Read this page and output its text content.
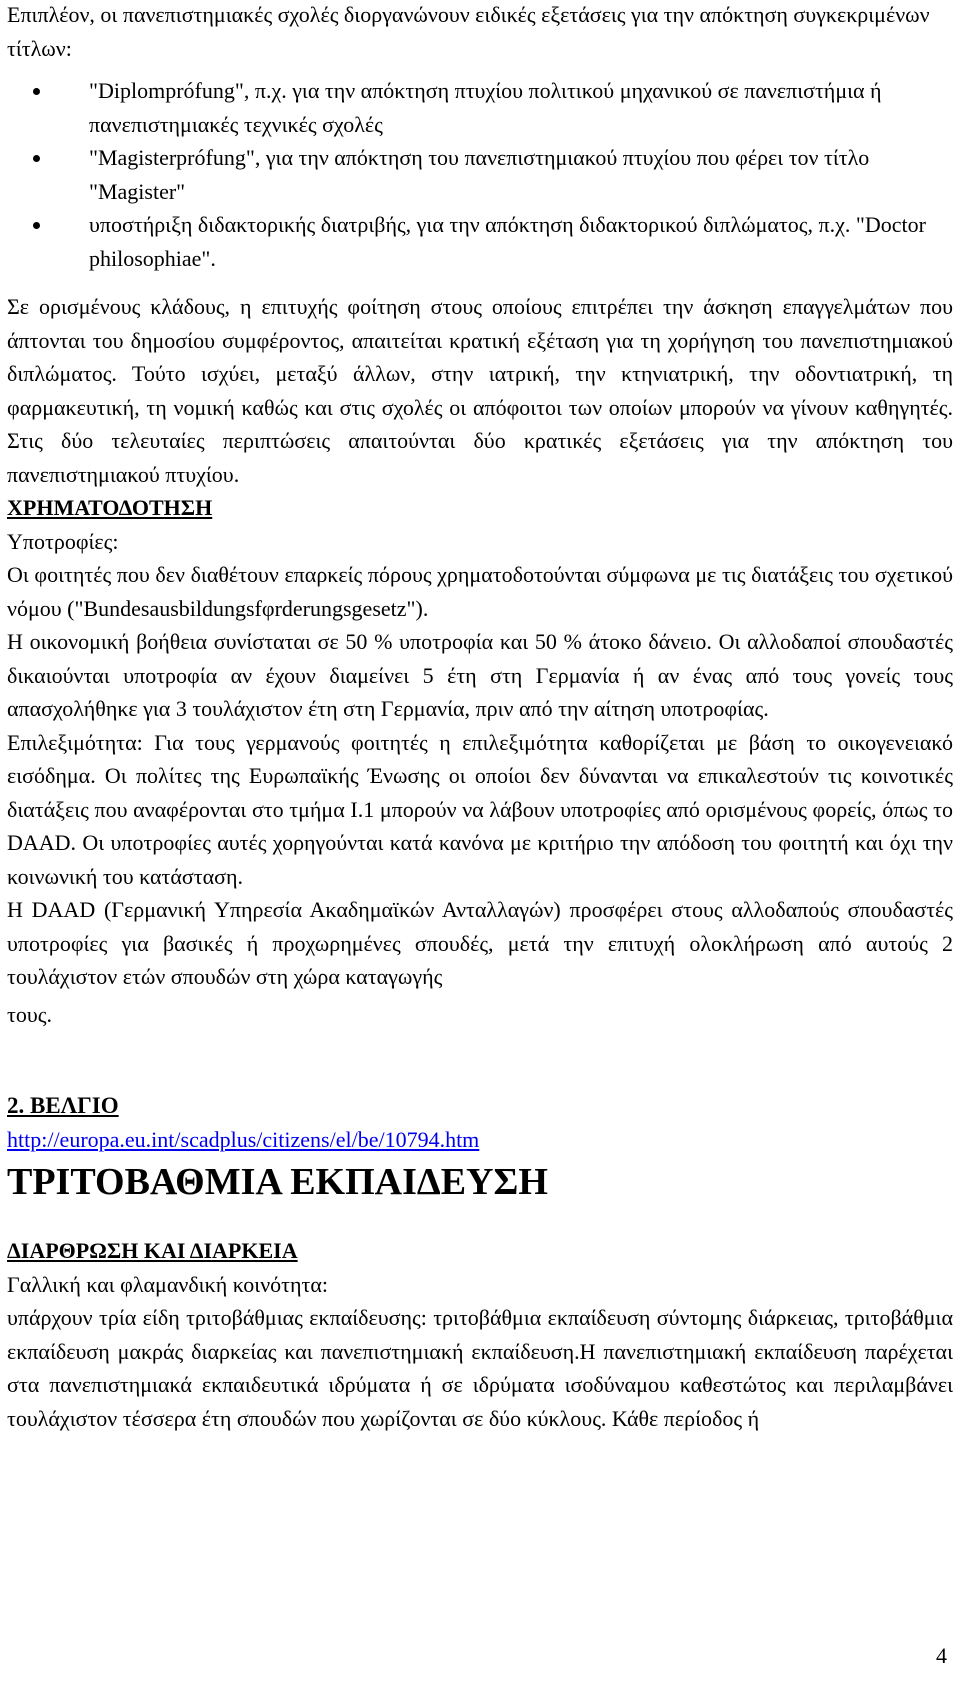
Επιπλέον, οι πανεπιστημιακές σχολές διοργανώνουν ειδικές εξετάσεις για την απόκτηση συγκεκριμένων τίτλων:

"Diplomprófung", π.χ. για την απόκτηση πτυχίου πολιτικού μηχανικού σε πανεπιστήμια ή πανεπιστημιακές τεχνικές σχολές
"Magisterprófung", για την απόκτηση του πανεπιστημιακού πτυχίου που φέρει τον τίτλο "Magister"
υποστήριξη διδακτορικής διατριβής, για την απόκτηση διδακτορικού διπλώματος, π.χ. "Doctor philosophiae".

Σε ορισμένους κλάδους, η επιτυχής φοίτηση στους οποίους επιτρέπει την άσκηση επαγγελμάτων που άπτονται του δημοσίου συμφέροντος, απαιτείται κρατική εξέταση για τη χορήγηση του πανεπιστημιακού διπλώματος. Τούτο ισχύει, μεταξύ άλλων, στην ιατρική, την κτηνιατρική, την οδοντιατρική, τη φαρμακευτική, τη νομική καθώς και στις σχολές οι απόφοιτοι των οποίων μπορούν να γίνουν καθηγητές. Στις δύο τελευταίες περιπτώσεις απαιτούνται δύο κρατικές εξετάσεις για την απόκτηση του πανεπιστημιακού πτυχίου.

ΧΡΗΜΑΤΟΔΟΤΗΣΗ

Υποτροφίες:

Οι φοιτητές που δεν διαθέτουν επαρκείς πόρους χρηματοδοτούνται σύμφωνα με τις διατάξεις του σχετικού νόμου ("Bundesausbildungsfφrderungsgesetz").

Η οικονομική βοήθεια συνίσταται σε 50 % υποτροφία και 50 % άτοκο δάνειο. Οι αλλοδαποί σπουδαστές δικαιούνται υποτροφία αν έχουν διαμείνει 5 έτη στη Γερμανία ή αν ένας από τους γονείς τους απασχολήθηκε για 3 τουλάχιστον έτη στη Γερμανία, πριν από την αίτηση υποτροφίας.

Επιλεξιμότητα: Για τους γερμανούς φοιτητές η επιλεξιμότητα καθορίζεται με βάση το οικογενειακό εισόδημα. Οι πολίτες της Ευρωπαϊκής Ένωσης οι οποίοι δεν δύνανται να επικαλεστούν τις κοινοτικές διατάξεις που αναφέρονται στο τμήμα Ι.1 μπορούν να λάβουν υποτροφίες από ορισμένους φορείς, όπως το DAAD. Οι υποτροφίες αυτές χορηγούνται κατά κανόνα με κριτήριο την απόδοση του φοιτητή και όχι την κοινωνική του κατάσταση.

Η DAAD (Γερμανική Υπηρεσία Ακαδημαϊκών Ανταλλαγών) προσφέρει στους αλλοδαπούς σπουδαστές υποτροφίες για βασικές ή προχωρημένες σπουδές, μετά την επιτυχή ολοκλήρωση από αυτούς 2 τουλάχιστον ετών σπουδών στη χώρα καταγωγής

τους.

2. ΒΕΛΓΙΟ

http://europa.eu.int/scadplus/citizens/el/be/10794.htm

ΤΡΙΤΟΒΑΘΜΙΑ ΕΚΠΑΙΔΕΥΣΗ

ΔΙΑΡΘΡΩΣΗ ΚΑΙ ΔΙΑΡΚΕΙΑ

Γαλλική και φλαμανδική κοινότητα:

υπάρχουν τρία είδη τριτοβάθμιας εκπαίδευσης: τριτοβάθμια εκπαίδευση σύντομης διάρκειας, τριτοβάθμια εκπαίδευση μακράς διαρκείας και πανεπιστημιακή εκπαίδευση.Η πανεπιστημιακή εκπαίδευση παρέχεται στα πανεπιστημιακά εκπαιδευτικά ιδρύματα ή σε ιδρύματα ισοδύναμου καθεστώτος και περιλαμβάνει τουλάχιστον τέσσερα έτη σπουδών που χωρίζονται σε δύο κύκλους. Κάθε περίοδος ή

4
